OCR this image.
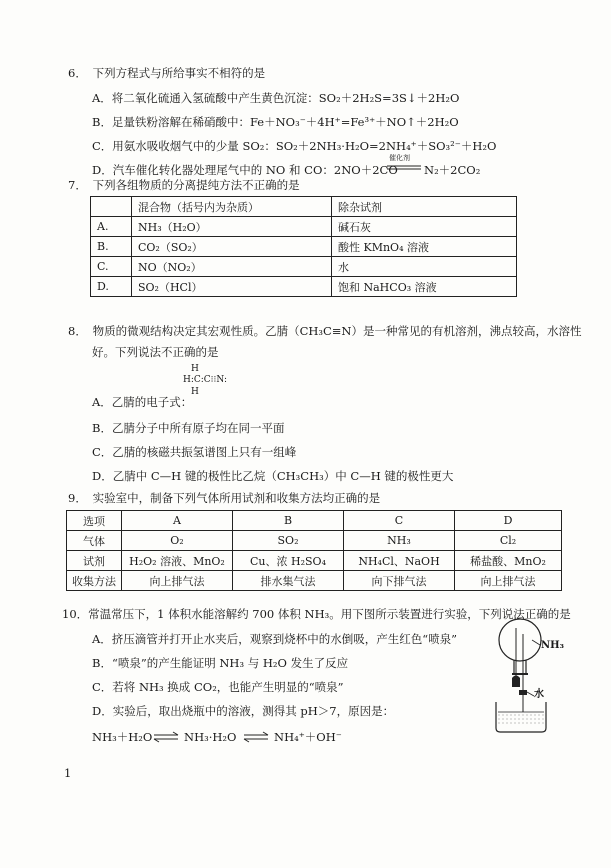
6．　下列方程式与所给事实不相符的是
A．将二氧化硫通入氢硫酸中产生黄色沉淀：SO₂＋2H₂S=3S↓＋2H₂O
B．足量铁粉溶解在稀硝酸中：Fe＋NO₃⁻＋4H⁺=Fe³⁺＋NO↑＋2H₂O
C．用氨水吸收烟气中的少量 SO₂：SO₂＋2NH₃·H₂O=2NH₄⁺＋SO₃²⁻＋H₂O
D．汽车催化转化器处理尾气中的 NO 和 CO：2NO＋2CO
催化剂
N₂＋2CO₂
7．　下列各组物质的分离提纯方法不正确的是
	混合物（括号内为杂质）	除杂试剂
A.	NH₃（H₂O）	碱石灰
B.	CO₂（SO₂）	酸性 KMnO₄ 溶液
C.	NO（NO₂）	水
D.	SO₂（HCl）	饱和 NaHCO₃ 溶液
8．　物质的微观结构决定其宏观性质。乙腈（CH₃C≡N）是一种常见的有机溶剂，沸点较高，水溶性
好。下列说法不正确的是
H
H:C:C⁝⁝N:
H
A．乙腈的电子式：
B．乙腈分子中所有原子均在同一平面
C．乙腈的核磁共振氢谱图上只有一组峰
D．乙腈中 C—H 键的极性比乙烷（CH₃CH₃）中 C—H 键的极性更大
9．　实验室中，制备下列气体所用试剂和收集方法均正确的是
选项	A	B	C	D
气体	O₂	SO₂	NH₃	Cl₂
试剂	H₂O₂ 溶液、MnO₂	Cu、浓 H₂SO₄	NH₄Cl、NaOH	稀盐酸、MnO₂
收集方法	向上排气法	排水集气法	向下排气法	向上排气法
10．常温常压下，1 体积水能溶解约 700 体积 NH₃。用下图所示装置进行实验，下列说法正确的是
A．挤压滴管并打开止水夹后，观察到烧杯中的水倒吸，产生红色“喷泉”
B．“喷泉”的产生能证明 NH₃ 与 H₂O 发生了反应
C．若将 NH₃ 换成 CO₂，也能产生明显的“喷泉”
D．实验后，取出烧瓶中的溶液，测得其 pH＞7，原因是：
NH₃＋H₂O ⇌ NH₃·H₂O ⇌ NH₄⁺＋OH⁻
NH₃
水
1
